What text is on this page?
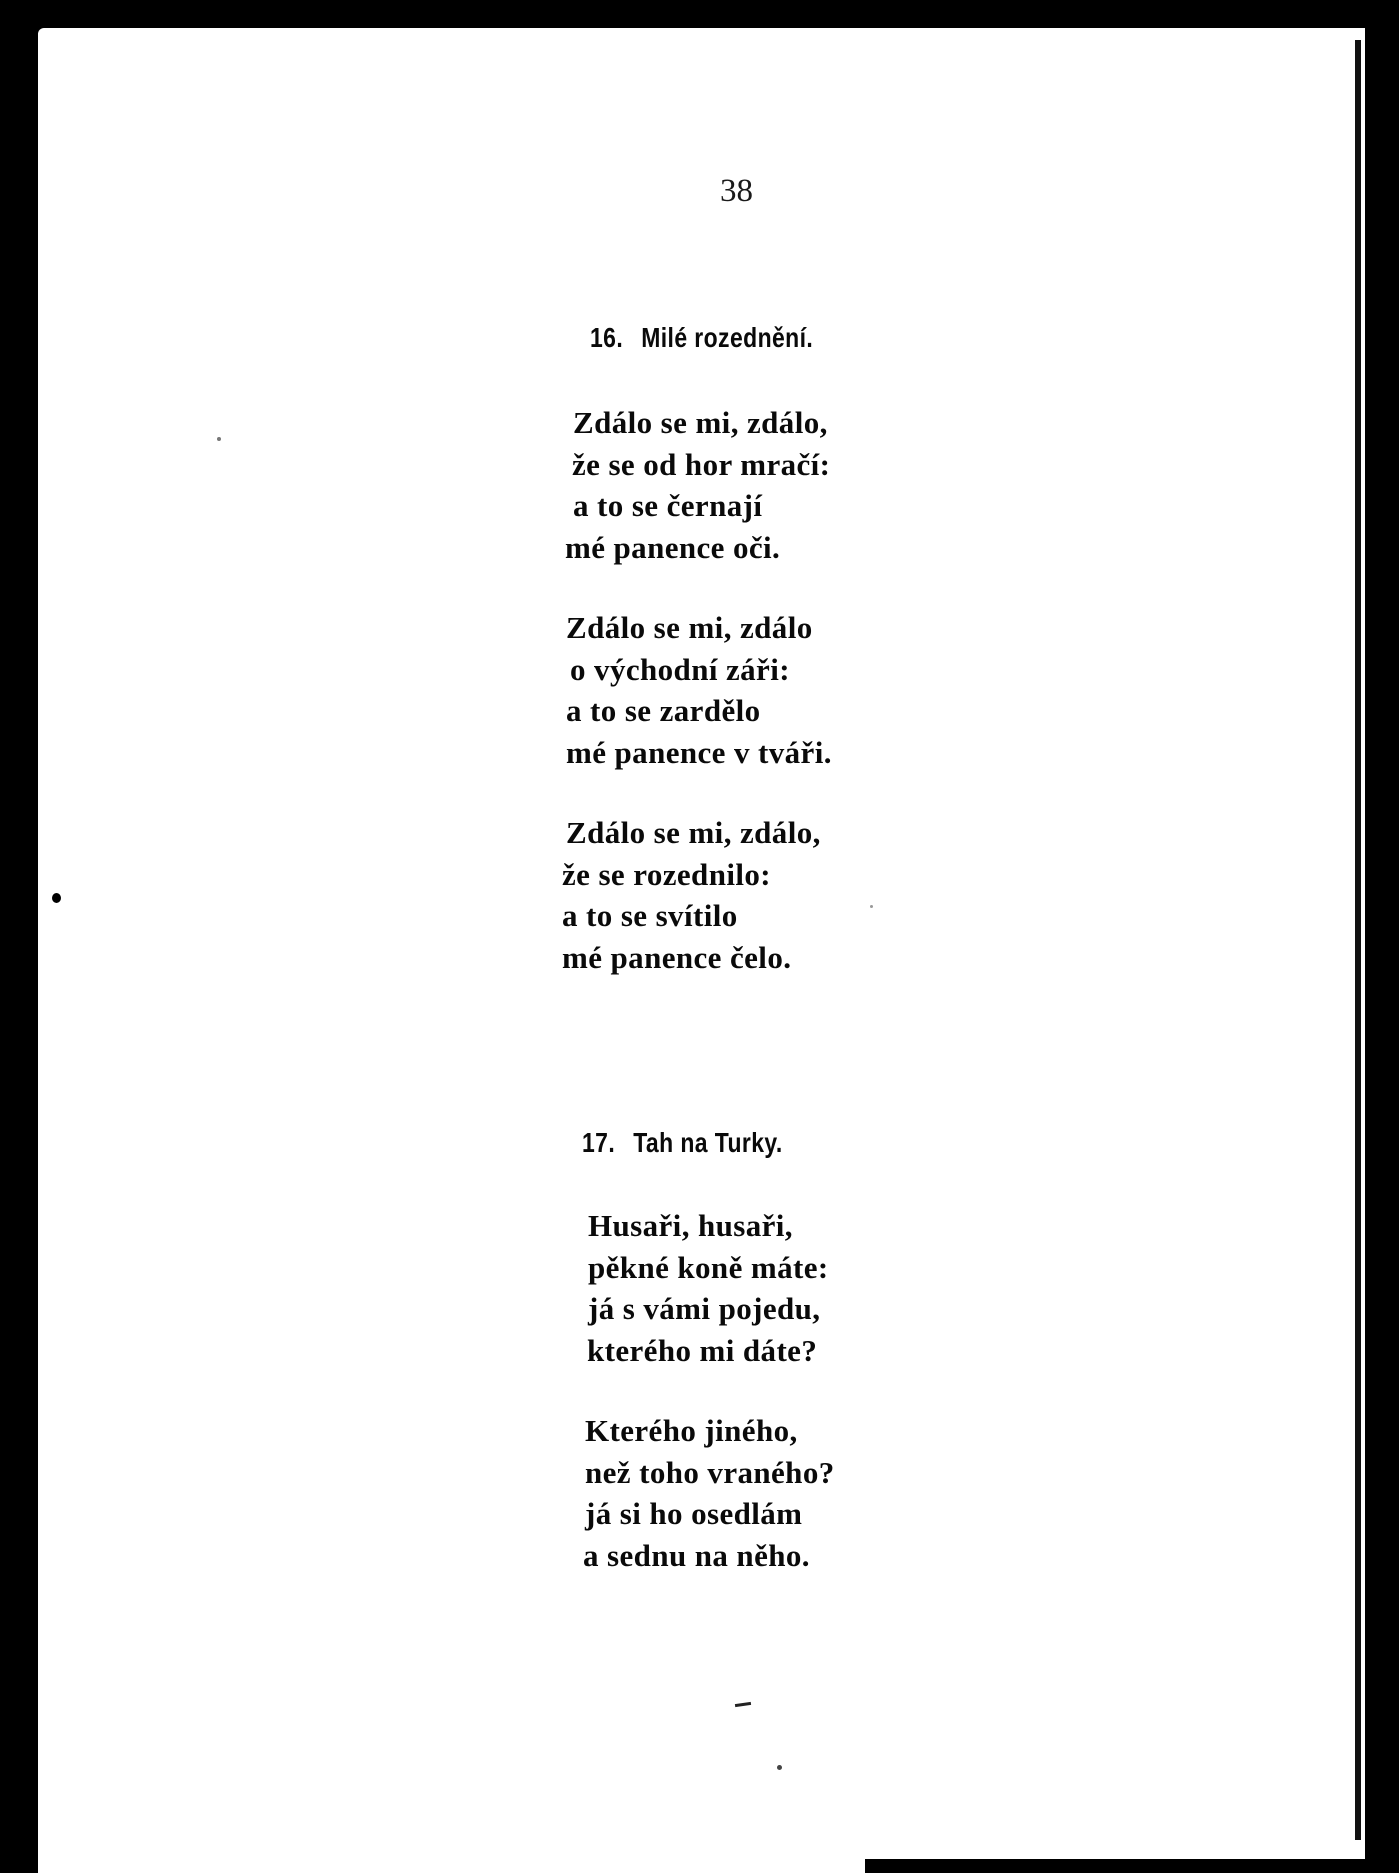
38
16. Milé rozednění.
Zdálo se mi, zdálo,
že se od hor mračí:
a to se černají
mé panence oči.
Zdálo se mi, zdálo
o východní záři:
a to se zardělo
mé panence v tváři.
Zdálo se mi, zdálo,
že se rozednilo:
a to se svítilo
mé panence čelo.
17. Tah na Turky.
Husaři, husaři,
pěkné koně máte:
já s vámi pojedu,
kterého mi dáte?
Kterého jiného,
než toho vraného?
já si ho osedlám
a sednu na něho.
